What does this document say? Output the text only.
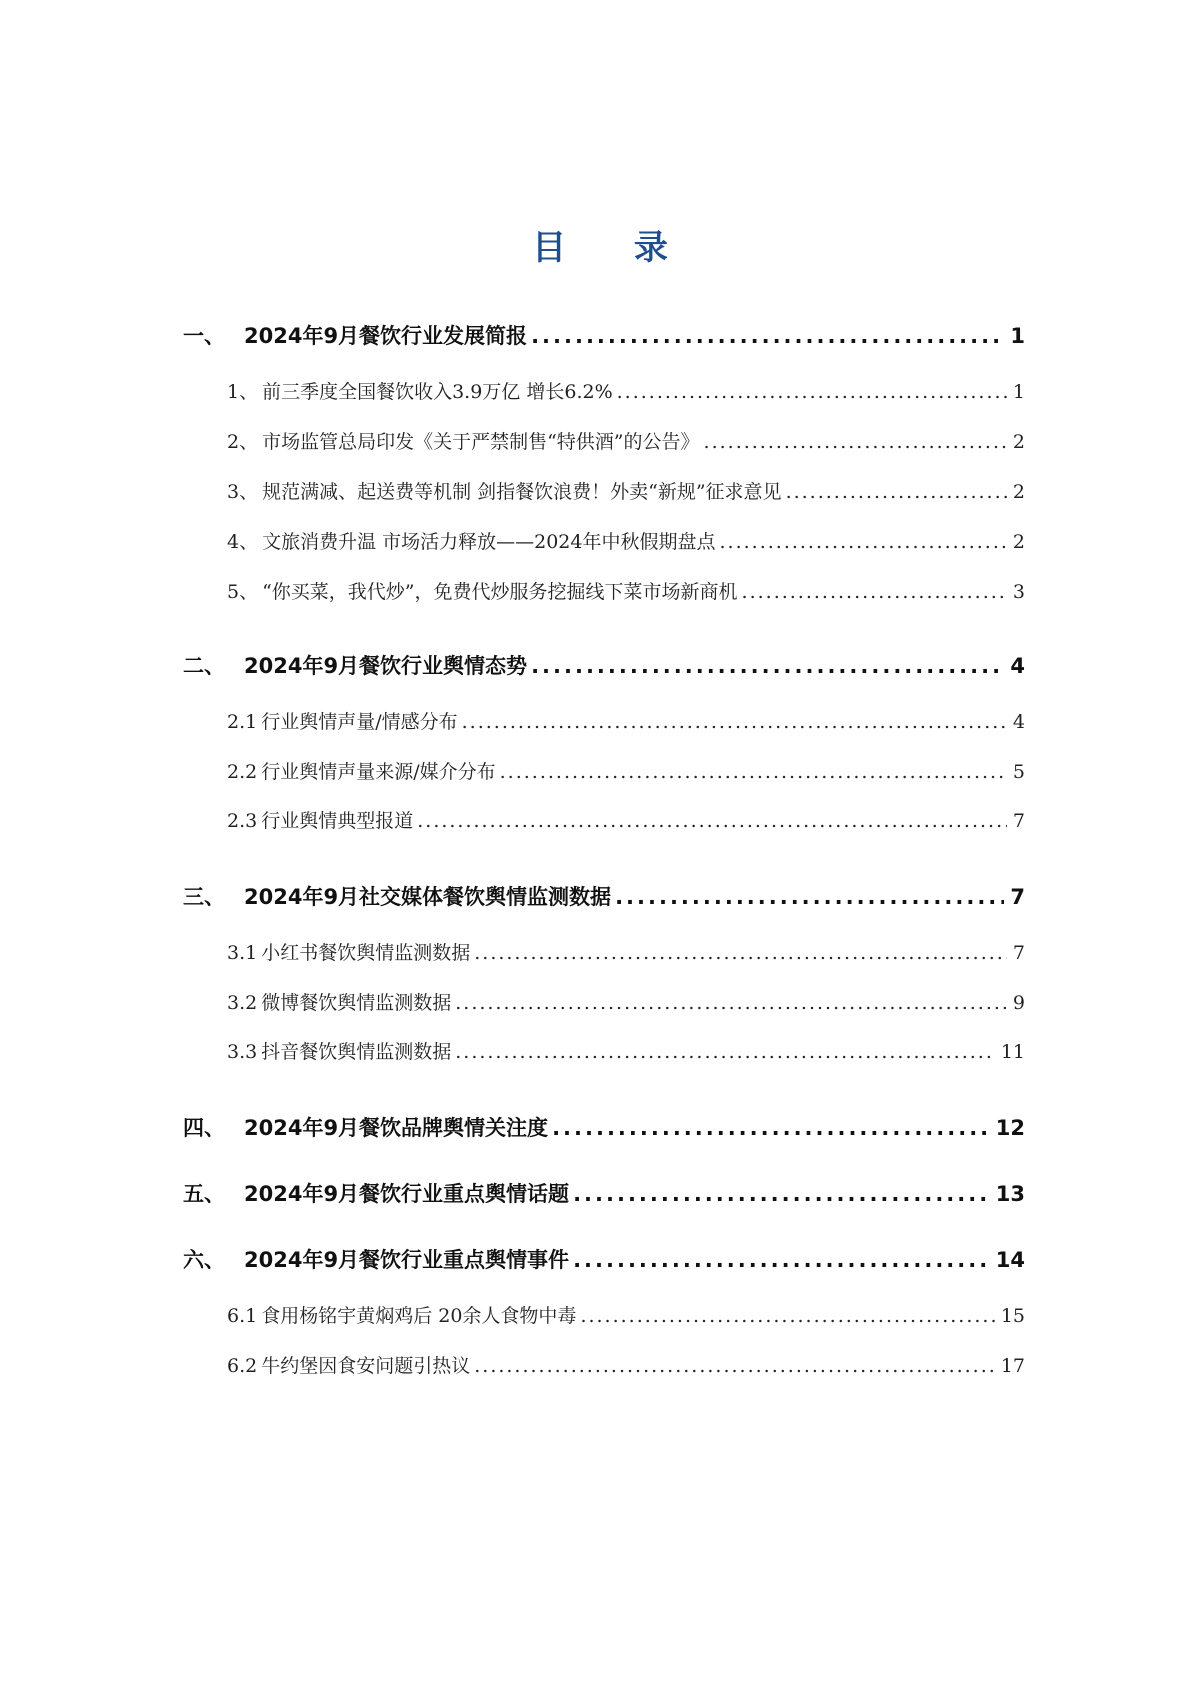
目 录
一、 2024年9月餐饮行业发展简报 .....	1
1、 前三季度全国餐饮收入3.9万亿 增长6.2% .....	1
2、 市场监管总局印发《关于严禁制售“特供酒”的公告》 .....	2
3、 规范满减、起送费等机制 剑指餐饮浪费！外卖“新规”征求意见 .....	2
4、 文旅消费升温 市场活力释放——2024年中秋假期盘点 .....	2
5、 “你买菜，我代炒”，免费代炒服务挖掘线下菜市场新商机 .....	3
二、 2024年9月餐饮行业舆情态势 .....	4
2.1 行业舆情声量/情感分布 .....	4
2.2 行业舆情声量来源/媒介分布 .....	5
2.3 行业舆情典型报道 .....	7
三、 2024年9月社交媒体餐饮舆情监测数据 .....	7
3.1 小红书餐饮舆情监测数据 .....	7
3.2 微博餐饮舆情监测数据 .....	9
3.3 抖音餐饮舆情监测数据 .....	11
四、 2024年9月餐饮品牌舆情关注度 .....	12
五、 2024年9月餐饮行业重点舆情话题 .....	13
六、 2024年9月餐饮行业重点舆情事件 .....	14
6.1 食用杨铭宇黄焖鸡后 20余人食物中毒 .....	15
6.2 牛约堡因食安问题引热议 .....	17
